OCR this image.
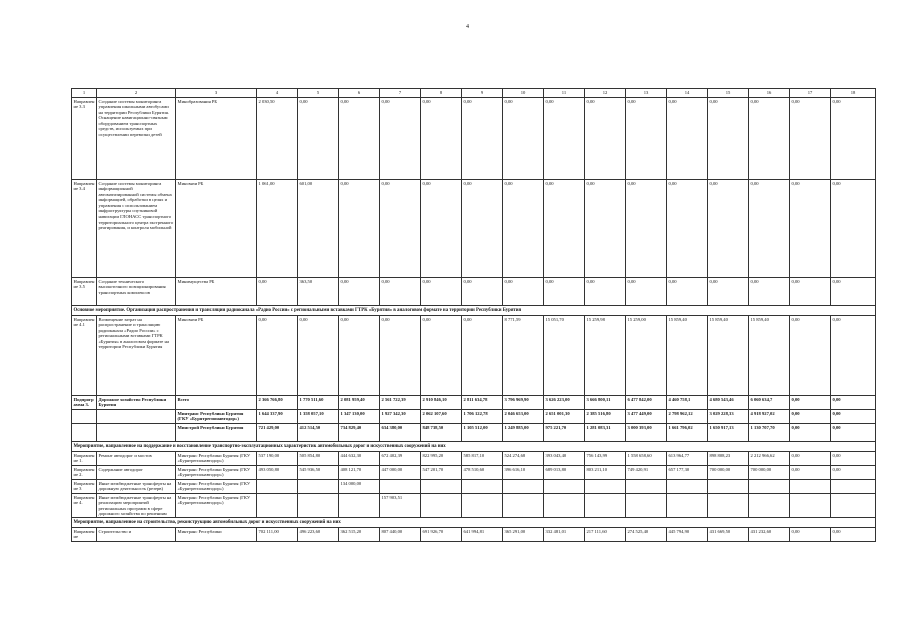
4
1	2	3	4	5	6	7	8	9	10	11	12	13	14	15	16	17	18
Направление 3.3	Создание системы мониторинга управления школьными автобусами на территории Республики Бурятия. Оснащение навигационно-связным оборудованием транспортных средств, используемых при осуществлении перевозки детей	Минобразования РБ	2 030,50	0,00	0,00	0,00	0,00	0,00	0,00	0,00	0,00	0,00	0,00	0,00	0,00	0,00	0,00
Направление 3.4	Создание системы мониторинга информационной автоматизированной системы обмена информацией, обработки в целях и управления с использованием инфраструктуры спутниковой навигации ГЛОНАСС транспортного территориального центра экстренного реагирования, и контроля мобильной	Минсвязи РБ	1 061,00	601,00	0,00	0,00	0,00	0,00	0,00	0,00	0,00	0,00	0,00	0,00	0,00	0,00	0,00
Направление 3.5	Создание технического высокоточного позиционирования транспортных комплексов	Минимущества РБ	0,00	363,50	0,00	0,00	0,00	0,00	0,00	0,00	0,00	0,00	0,00	0,00	0,00	0,00	0,00
Основное мероприятие. Организация распространения и трансляции радиоканала «Радио России» с региональными вставками ГТРК «Бурятия» в аналоговом формате на территории Республики Бурятия																	
Направление 4.1	Возмещение затрат на распространение и трансляцию радиоканала «Радио России» с региональными вставками ГТРК «Бурятия» в аналоговом формате на территории Республики Бурятия	Минсвязи РБ	0,00	0,00	0,00	0,00	0,00	0,00	8 771,59	15 051,70	15 259,98	15 259,00	15 859,40	15 859,40	15 859,40	0,00	0,00
Подпрограмма 3.	Дорожное хозяйство Республики Бурятия	Всего	2 366 766,80	1 770 511,60	2 081 959,40	2 561 722,39	2 910 846,10	2 811 634,78	3 796 969,90	3 626 223,00	3 666 800,11	6 477 842,00	4 460 758,1	4 680 543,46	6 060 634,7	0,00	0,00
		Минтранс Республики Бурятия (ГКУ «Бурятрегионавтодор»)	1 644 337,90	1 358 057,10	1 347 130,00	1 927 342,30	2 062 107,60	1 706 122,78	2 046 653,00	2 651 001,30	2 385 516,80	3 477 449,00	2 798 962,12	3 029 228,33	4 918 927,02	0,00	0,00
		Минстрой Республики Бурятия	721 429,00	412 514,50	734 829,40	634 380,00	848 738,50	1 105 512,00	1 249 885,00	975 221,70	1 281 083,31	3 000 393,00	1 661 796,02	1 650 917,13	1 130 707,70	0,00	0,00
Мероприятие, направленное на поддержание и восстановление транспортно-эксплуатационных характеристик автомобильных дорог и искусственных сооружений на них																	
Направление 1.	Ремонт автодорог и мостов	Минтранс Республики Бурятия (ГКУ «Бурятрегионавтодор»)	537 190,00	505 854,80	444 632,30	672 402,39	822 995,20	585 817,10	524 274,68	393 043,40	756 143,99	1 558 658,60	613 964,77	898 808,23	2 212 966,62	0,00	0,00
Направление 2.	Содержание автодорог	Минтранс Республики Бурятия (ГКУ «Бурятрегионавтодор»)	493 050,80	545 936,50	408 121,70	447 000,00	547 201,70	478 510,60	396 616,10	689 013,80	803 211,10	749 420,91	657 177,30	700 000,00	700 000,00	0,00	0,00
Направление 3	Иные межбюджетные трансферты на дорожную деятельность (резерв)	Минтранс Республики Бурятия (ГКУ «Бурятрегионавтодор»)			134 000,00												
Направление 4.	Иные межбюджетные трансферты на реализацию мероприятий региональных программ в сфере дорожного хозяйства по решениям	Минтранс Республики Бурятия (ГКУ «Бурятрегионавтодор»)				157 903,51											
Мероприятие, направленное на строительство, реконструкцию автомобильных дорог и искусственных сооружений на них																	
Направление	Строительство и	Минтранс Республики	702 111,00	496 223,60	362 515,20	807 440,00	691 926,70	641 994,81	365 291,00	332 481,01	217 111,60	274 525,40	445 794,90	431 669,50	431 232,60	0,00	0,00
